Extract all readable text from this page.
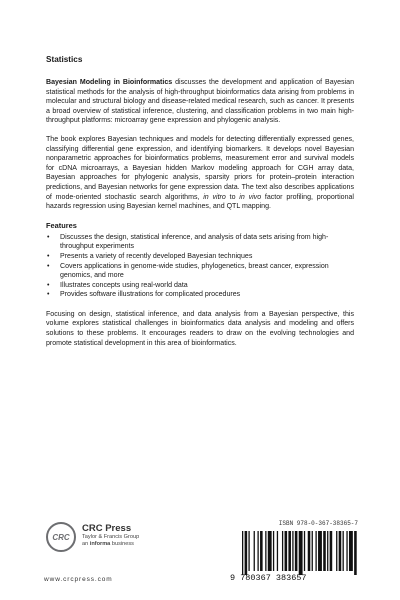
Statistics

Bayesian Modeling in Bioinformatics discusses the development and application of Bayesian statistical methods for the analysis of high-throughput bioinformatics data arising from problems in molecular and structural biology and disease-related medical research, such as cancer. It presents a broad overview of statistical inference, clustering, and classification problems in two main high-throughput platforms: microarray gene expression and phylogenic analysis.

The book explores Bayesian techniques and models for detecting differentially expressed genes, classifying differential gene expression, and identifying biomarkers. It develops novel Bayesian nonparametric approaches for bioinformatics problems, measurement error and survival models for cDNA microarrays, a Bayesian hidden Markov modeling approach for CGH array data, Bayesian approaches for phylogenic analysis, sparsity priors for protein–protein interaction predictions, and Bayesian networks for gene expression data. The text also describes applications of mode-oriented stochastic search algorithms, in vitro to in vivo factor profiling, proportional hazards regression using Bayesian kernel machines, and QTL mapping.

Features
• Discusses the design, statistical inference, and analysis of data sets arising from high-throughput experiments
• Presents a variety of recently developed Bayesian techniques
• Covers applications in genome-wide studies, phylogenetics, breast cancer, expression genomics, and more
• Illustrates concepts using real-world data
• Provides software illustrations for complicated procedures

Focusing on design, statistical inference, and data analysis from a Bayesian perspective, this volume explores statistical challenges in bioinformatics data analysis and modeling and offers solutions to these problems. It encourages readers to draw on the evolving technologies and promote statistical development in this area of bioinformatics.

CRC
CRC Press
Taylor & Francis Group
an informa business
www.crcpress.com
ISBN 978-0-367-38365-7
9 780367 383657
